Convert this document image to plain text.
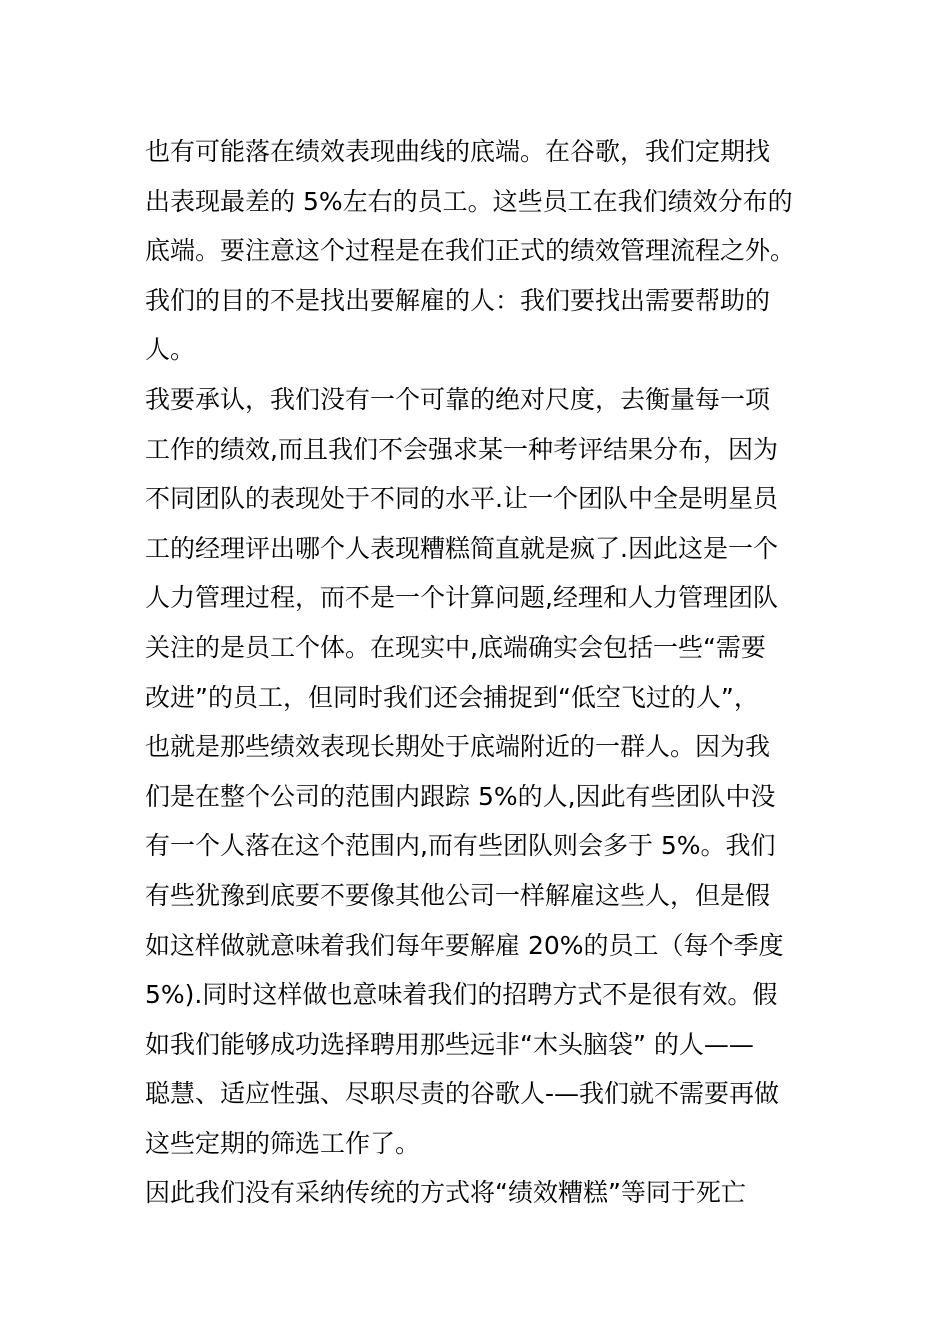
也有可能落在绩效表现曲线的底端。在谷歌，我们定期找
出表现最差的 5%左右的员工。这些员工在我们绩效分布的
底端。要注意这个过程是在我们正式的绩效管理流程之外。
我们的目的不是找出要解雇的人：我们要找出需要帮助的
人。
我要承认，我们没有一个可靠的绝对尺度，去衡量每一项
工作的绩效,而且我们不会强求某一种考评结果分布，因为
不同团队的表现处于不同的水平.让一个团队中全是明星员
工的经理评出哪个人表现糟糕简直就是疯了.因此这是一个
人力管理过程，而不是一个计算问题,经理和人力管理团队
关注的是员工个体。在现实中,底端确实会包括一些“需要
改进”的员工，但同时我们还会捕捉到“低空飞过的人”，
也就是那些绩效表现长期处于底端附近的一群人。因为我
们是在整个公司的范围内跟踪 5%的人,因此有些团队中没
有一个人落在这个范围内,而有些团队则会多于 5%。我们
有些犹豫到底要不要像其他公司一样解雇这些人，但是假
如这样做就意味着我们每年要解雇 20%的员工（每个季度
5%).同时这样做也意味着我们的招聘方式不是很有效。假
如我们能够成功选择聘用那些远非“木头脑袋” 的人——
聪慧、适应性强、尽职尽责的谷歌人-—我们就不需要再做
这些定期的筛选工作了。
因此我们没有采纳传统的方式将“绩效糟糕”等同于死亡
